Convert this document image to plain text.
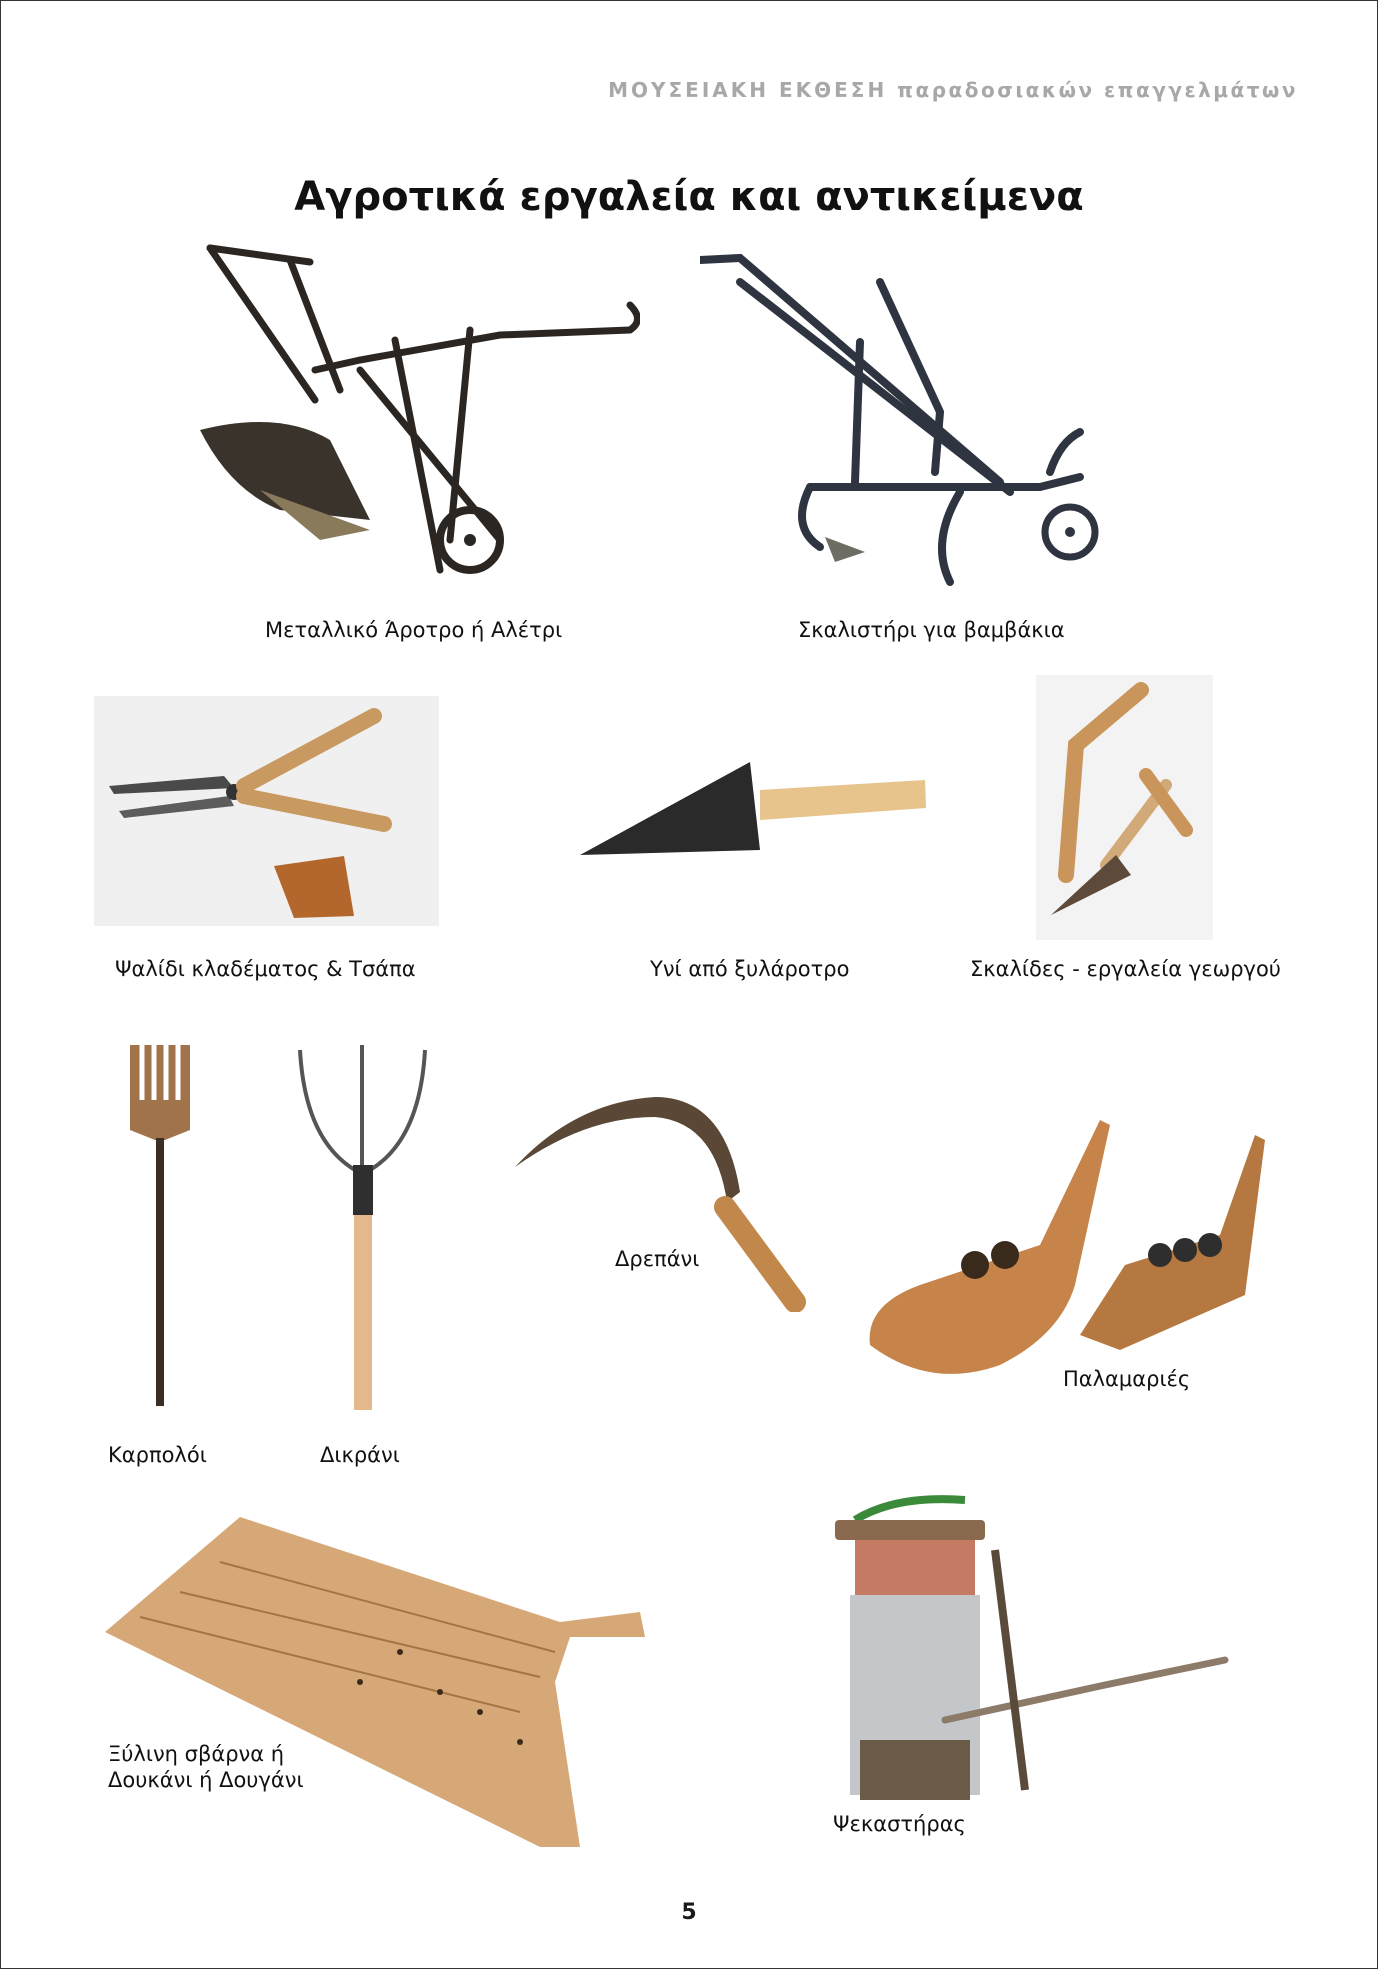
ΜΟΥΣΕΙΑΚΗ ΕΚΘΕΣΗ παραδοσιακών επαγγελμάτων
Αγροτικά εργαλεία και αντικείμενα
Μεταλλικό Άροτρο ή Αλέτρι	Σκαλιστήρι για βαμβάκια
Ψαλίδι κλαδέματος & Τσάπα	Υνί από ξυλάροτρο	Σκαλίδες - εργαλεία γεωργού
Καρπολόι	Δικράνι
Δρεπάνι
Παλαμαριές
Ξύλινη σβάρνα ή
Δουκάνι ή Δουγάνι
Ψεκαστήρας
5
